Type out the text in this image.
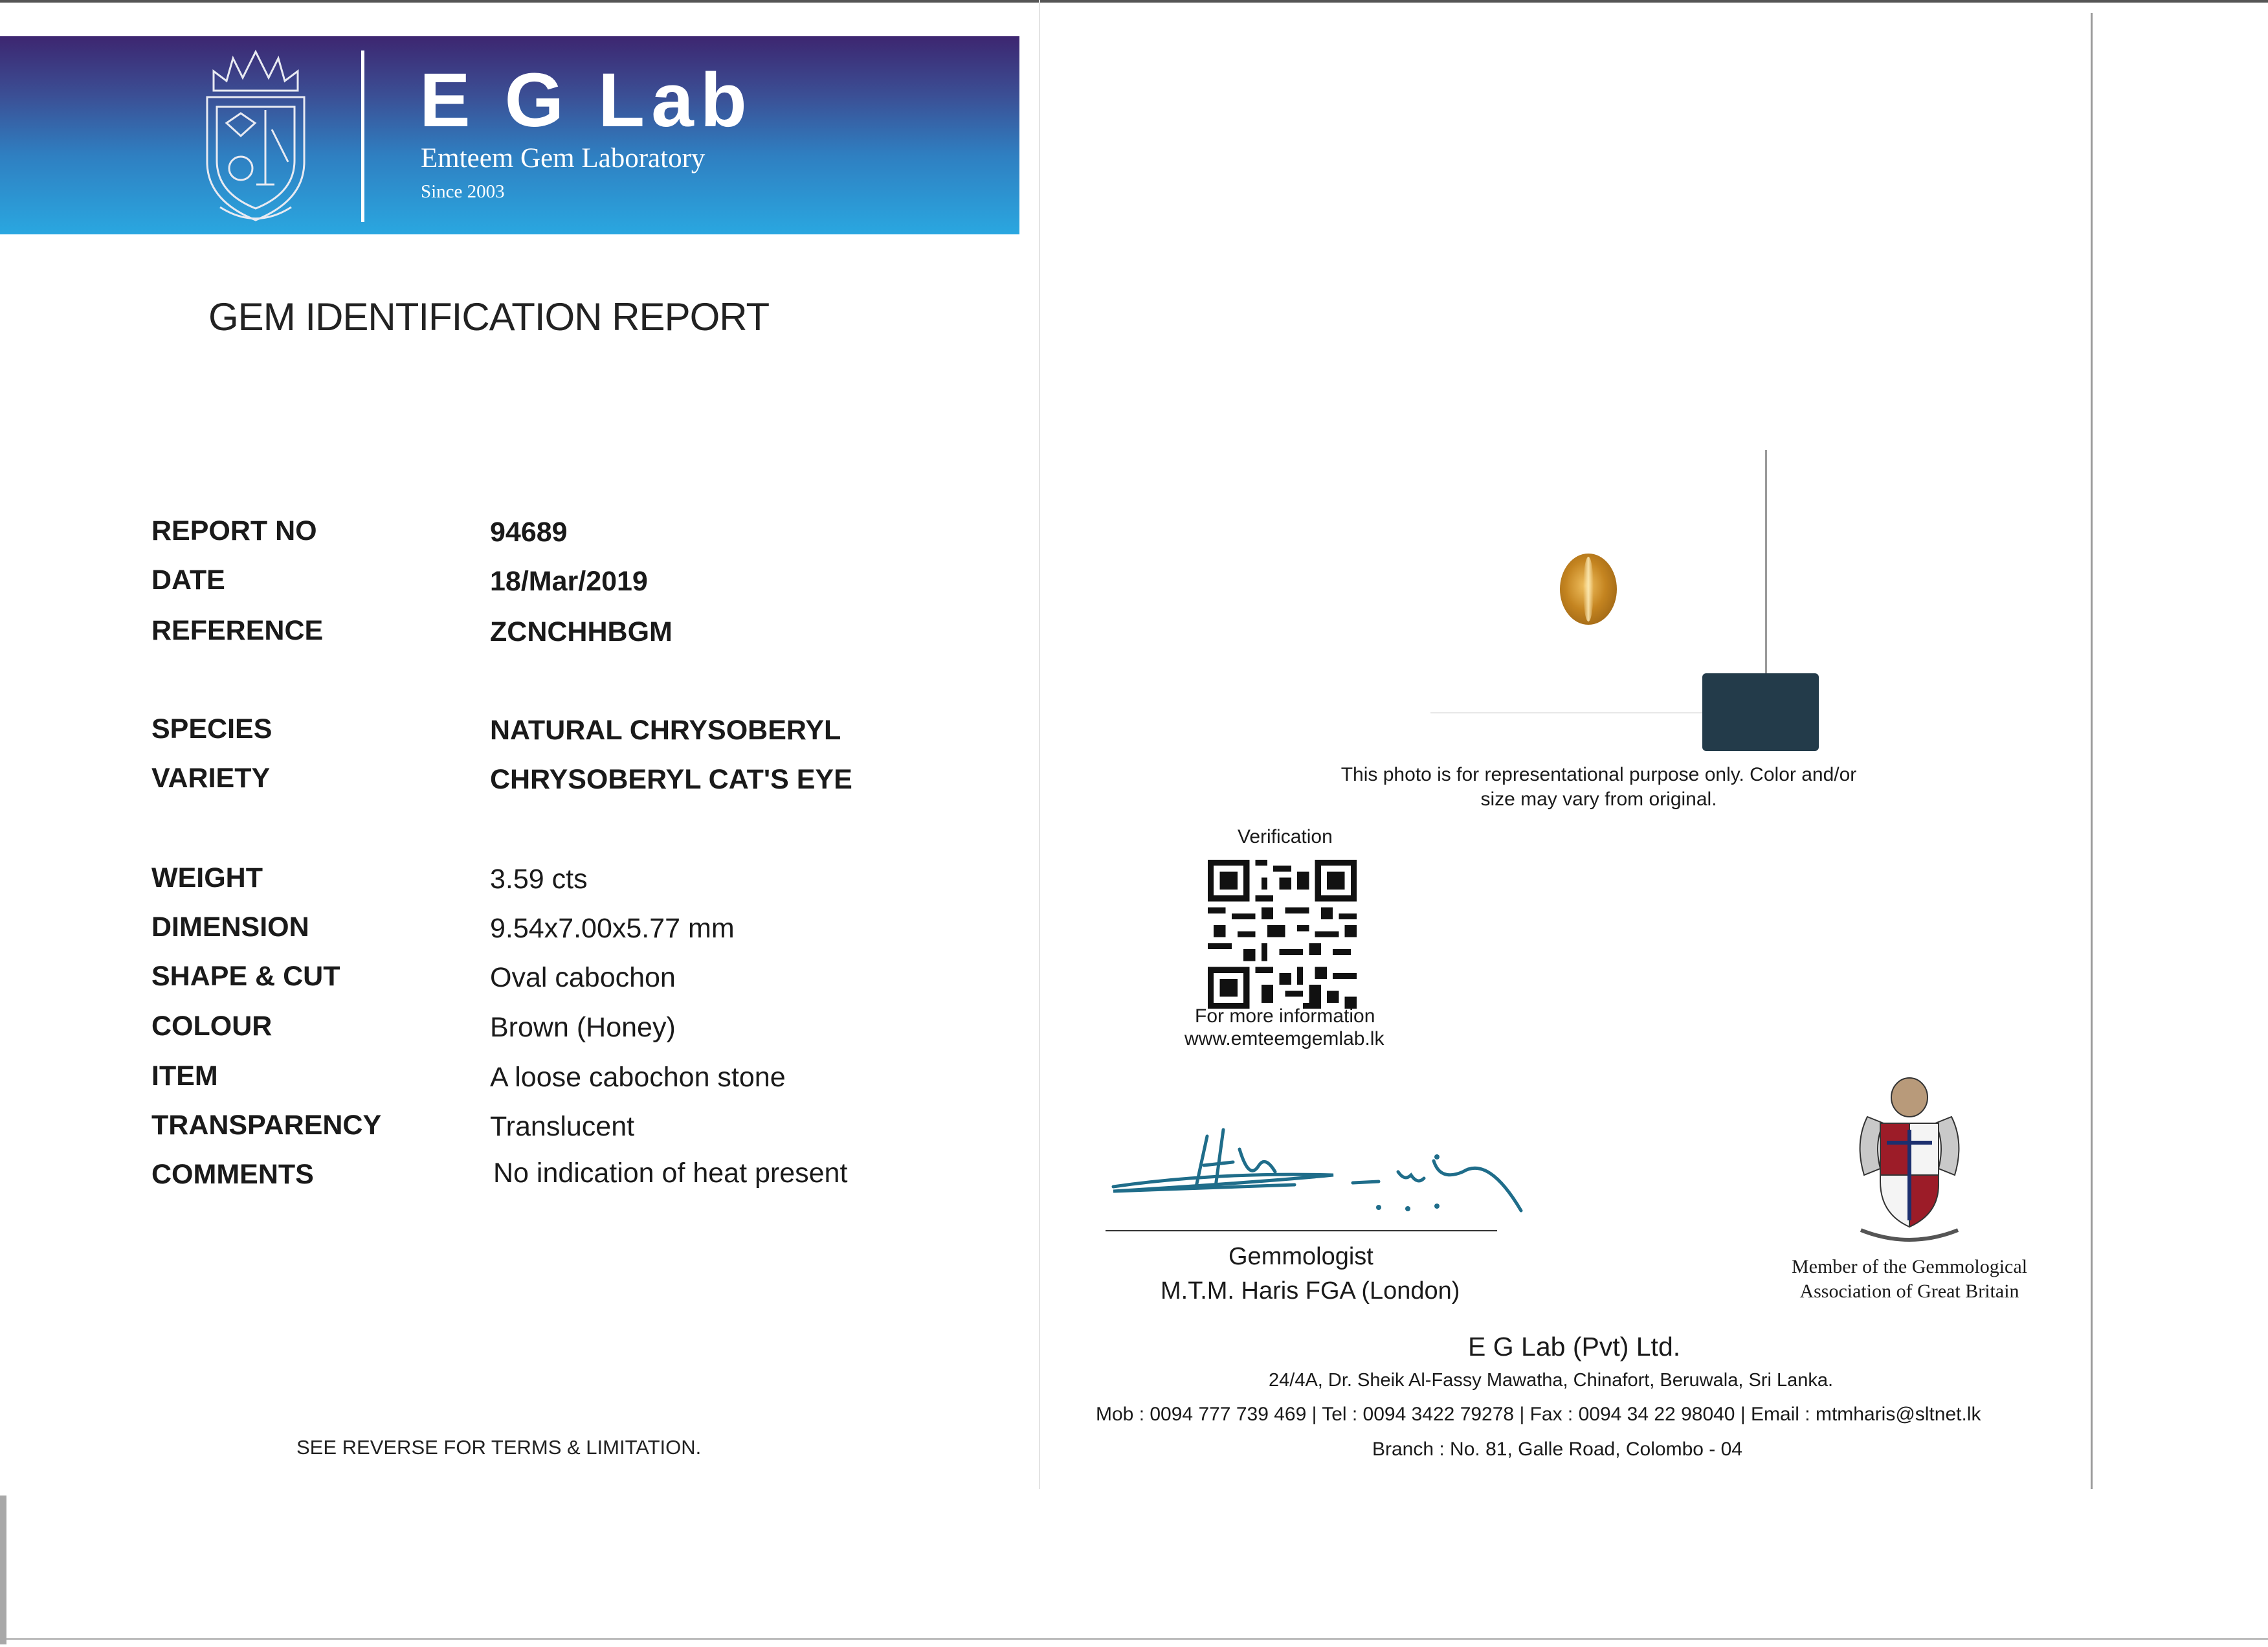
E G Lab
Emteem Gem Laboratory
Since 2003
GEM IDENTIFICATION REPORT
REPORT NO	94689
DATE	18/Mar/2019
REFERENCE	ZCNCHHBGM
SPECIES	NATURAL CHRYSOBERYL
VARIETY	CHRYSOBERYL CAT'S EYE
WEIGHT	3.59 cts
DIMENSION	9.54x7.00x5.77 mm
SHAPE & CUT	Oval cabochon
COLOUR	Brown (Honey)
ITEM	A loose cabochon stone
TRANSPARENCY	Translucent
COMMENTS	No indication of heat present
SEE REVERSE FOR TERMS & LIMITATION.
This photo is for representational purpose only. Color and/or
size may vary from original.
Verification
For more information
www.emteemgemlab.lk
Gemmologist
M.T.M. Haris FGA (London)
Member of the Gemmological
Association of Great Britain
E G Lab (Pvt) Ltd.
24/4A, Dr. Sheik Al-Fassy Mawatha, Chinafort, Beruwala, Sri Lanka.
Mob : 0094 777 739 469 | Tel : 0094 3422 79278 | Fax : 0094 34 22 98040 | Email : mtmharis@sltnet.lk
Branch : No. 81, Galle Road, Colombo - 04
